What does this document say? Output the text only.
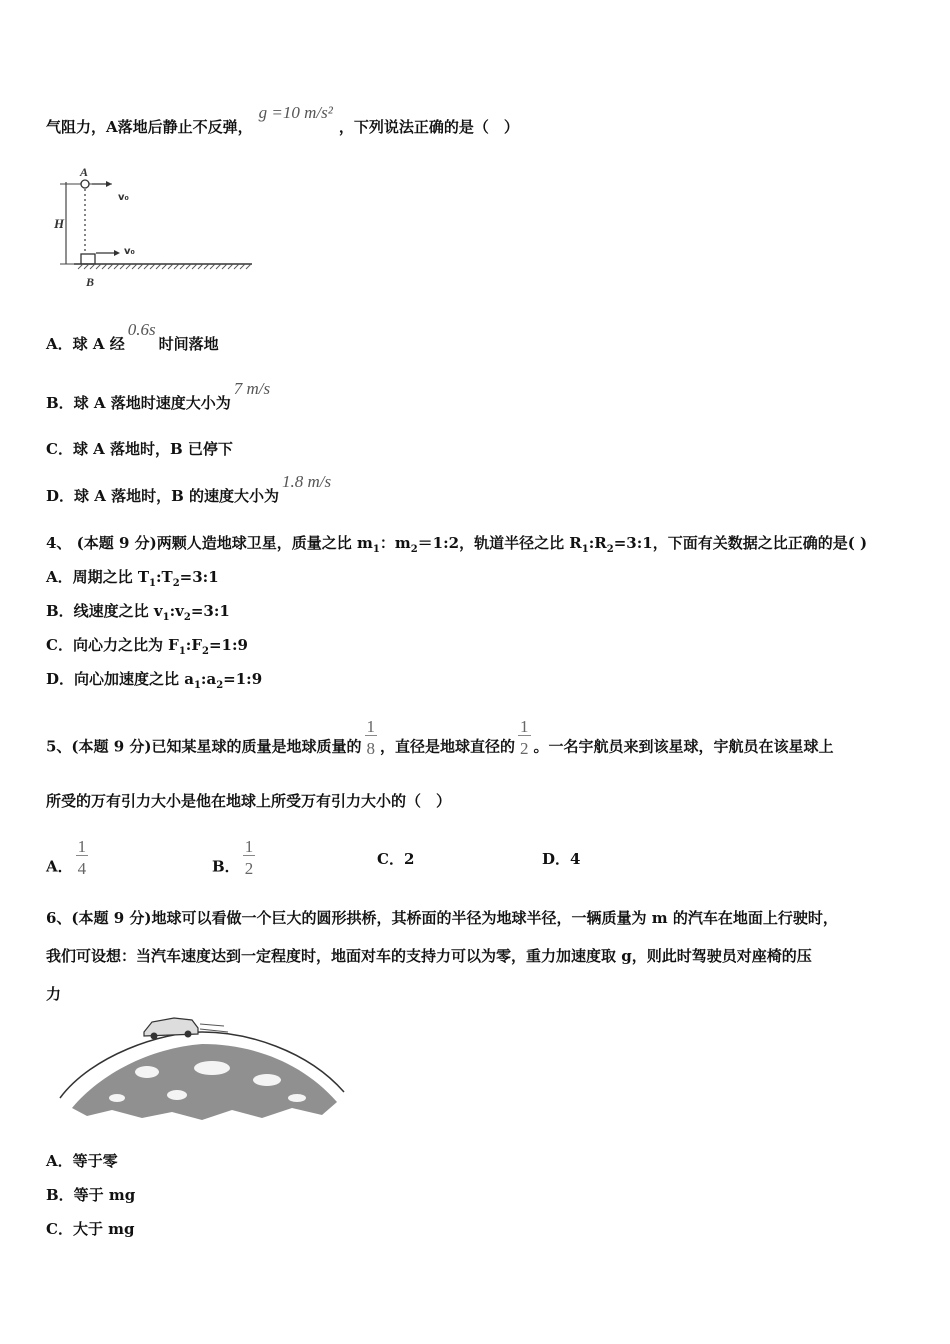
气阻力，A落地后静止不反弹，g =10 m/s²，下列说法正确的是（　）
A
H
B
v₀
v₀
A．球 A 经0.6s时间落地
B．球 A 落地时速度大小为7 m/s
C．球 A 落地时，B 已停下
D．球 A 落地时，B 的速度大小为1.8 m/s
4、 (本题 9 分)两颗人造地球卫星，质量之比 $m_1$：$m_2=1:2$，轨道半径之比 $R_1:R_2=3:1$，下面有关数据之比正确的是( )
A．周期之比 $T_1:T_2=3:1$
B．线速度之比 $v_1:v_2=3:1$
C．向心力之比为 $F_1:F_2=1:9$
D．向心加速度之比 $a_1:a_2=1:9$
5、(本题 9 分)已知某星球的质量是地球质量的 $\frac{1}{8}$ ，直径是地球直径的 $\frac{1}{2}$ 。一名宇航员来到该星球，宇航员在该星球上
所受的万有引力大小是他在地球上所受万有引力大小的（　）
A． $\frac{1}{4}$	B． $\frac{1}{2}$	C．2	D．4
6、(本题 9 分)地球可以看做一个巨大的圆形拱桥，其桥面的半径为地球半径，一辆质量为 m 的汽车在地面上行驶时，
我们可设想：当汽车速度达到一定程度时，地面对车的支持力可以为零，重力加速度取 g，则此时驾驶员对座椅的压
力
A．等于零
B．等于 mg
C．大于 mg
